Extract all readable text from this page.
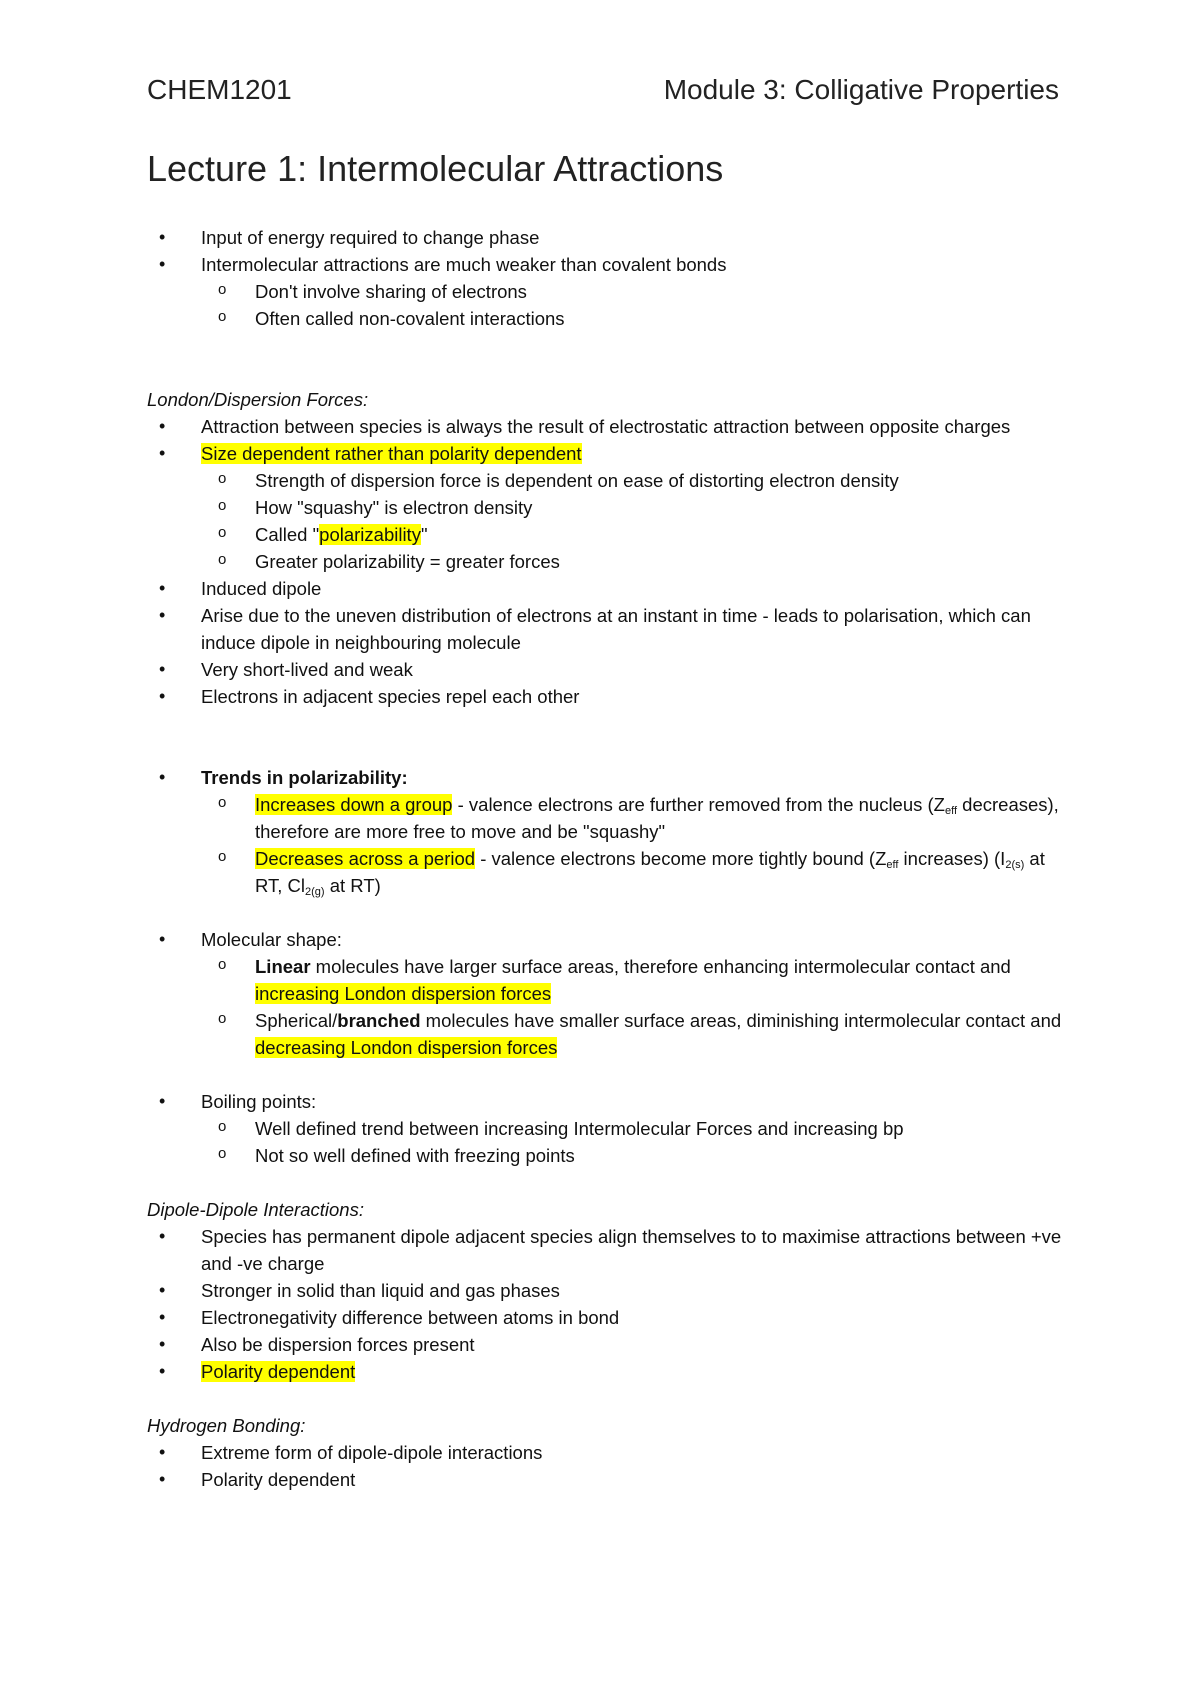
CHEM1201	Module 3: Colligative Properties
Lecture 1: Intermolecular Attractions
• Input of energy required to change phase
• Intermolecular attractions are much weaker than covalent bonds
o Don't involve sharing of electrons
o Often called non-covalent interactions
London/Dispersion Forces:
• Attraction between species is always the result of electrostatic attraction between opposite charges
• Size dependent rather than polarity dependent
o Strength of dispersion force is dependent on ease of distorting electron density
o How "squashy" is electron density
o Called "polarizability"
o Greater polarizability = greater forces
• Induced dipole
• Arise due to the uneven distribution of electrons at an instant in time - leads to polarisation, which can induce dipole in neighbouring molecule
• Very short-lived and weak
• Electrons in adjacent species repel each other
• Trends in polarizability:
o Increases down a group - valence electrons are further removed from the nucleus ($Z_{eff}$ decreases), therefore are more free to move and be "squashy"
o Decreases across a period - valence electrons become more tightly bound ($Z_{eff}$ increases) ($I_{2(s)}$ at RT, $Cl_{2(g)}$ at RT)
• Molecular shape:
o Linear molecules have larger surface areas, therefore enhancing intermolecular contact and increasing London dispersion forces
o Spherical/branched molecules have smaller surface areas, diminishing intermolecular contact and decreasing London dispersion forces
• Boiling points:
o Well defined trend between increasing Intermolecular Forces and increasing bp
o Not so well defined with freezing points
Dipole-Dipole Interactions:
• Species has permanent dipole adjacent species align themselves to to maximise attractions between +ve and -ve charge
• Stronger in solid than liquid and gas phases
• Electronegativity difference between atoms in bond
• Also be dispersion forces present
• Polarity dependent
Hydrogen Bonding:
• Extreme form of dipole-dipole interactions
• Polarity dependent
